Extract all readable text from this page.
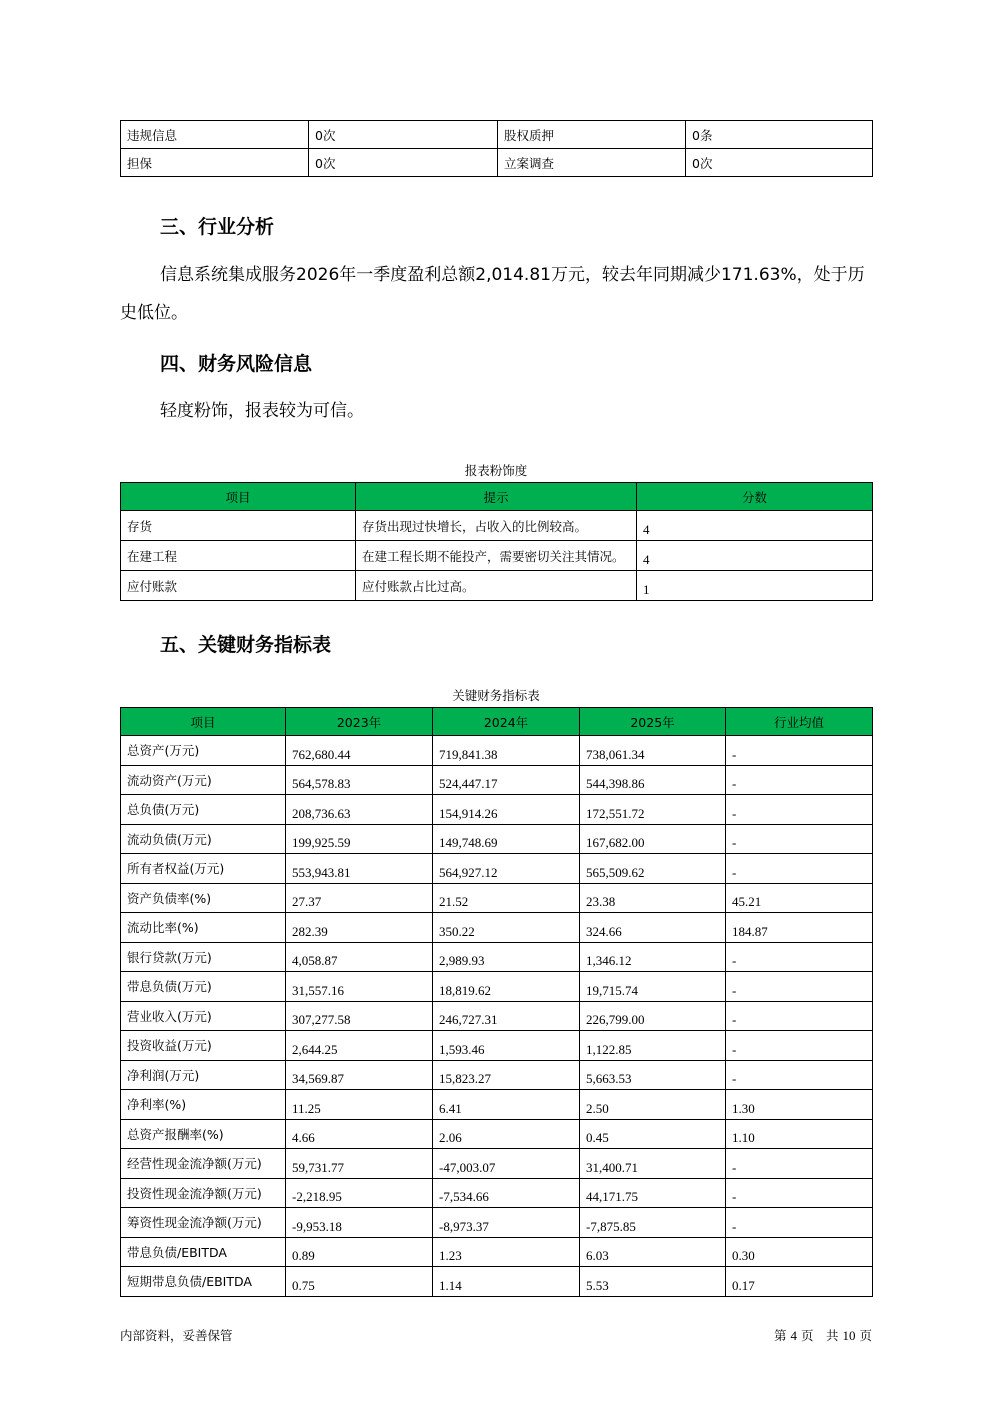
违规信息	0次	股权质押	0条
担保	0次	立案调查	0次
三、行业分析

信息系统集成服务2026年一季度盈利总额2,014.81万元，较去年同期减少171.63%，处于历

史低位。

四、财务风险信息

轻度粉饰，报表较为可信。

报表粉饰度
项目	提示	分数
存货	存货出现过快增长，占收入的比例较高。	4
在建工程	在建工程长期不能投产，需要密切关注其情况。	4
应付账款	应付账款占比过高。	1
五、关键财务指标表
关键财务指标表
项目	2023年	2024年	2025年	行业均值
总资产(万元)	762,680.44	719,841.38	738,061.34	-
流动资产(万元)	564,578.83	524,447.17	544,398.86	-
总负债(万元)	208,736.63	154,914.26	172,551.72	-
流动负债(万元)	199,925.59	149,748.69	167,682.00	-
所有者权益(万元)	553,943.81	564,927.12	565,509.62	-
资产负债率(%)	27.37	21.52	23.38	45.21
流动比率(%)	282.39	350.22	324.66	184.87
银行贷款(万元)	4,058.87	2,989.93	1,346.12	-
带息负债(万元)	31,557.16	18,819.62	19,715.74	-
营业收入(万元)	307,277.58	246,727.31	226,799.00	-
投资收益(万元)	2,644.25	1,593.46	1,122.85	-
净利润(万元)	34,569.87	15,823.27	5,663.53	-
净利率(%)	11.25	6.41	2.50	1.30
总资产报酬率(%)	4.66	2.06	0.45	1.10
经营性现金流净额(万元)	59,731.77	-47,003.07	31,400.71	-
投资性现金流净额(万元)	-2,218.95	-7,534.66	44,171.75	-
筹资性现金流净额(万元)	-9,953.18	-8,973.37	-7,875.85	-
带息负债/EBITDA	0.89	1.23	6.03	0.30
短期带息负债/EBITDA	0.75	1.14	5.53	0.17
内部资料，妥善保管	第 4 页　共 10 页
